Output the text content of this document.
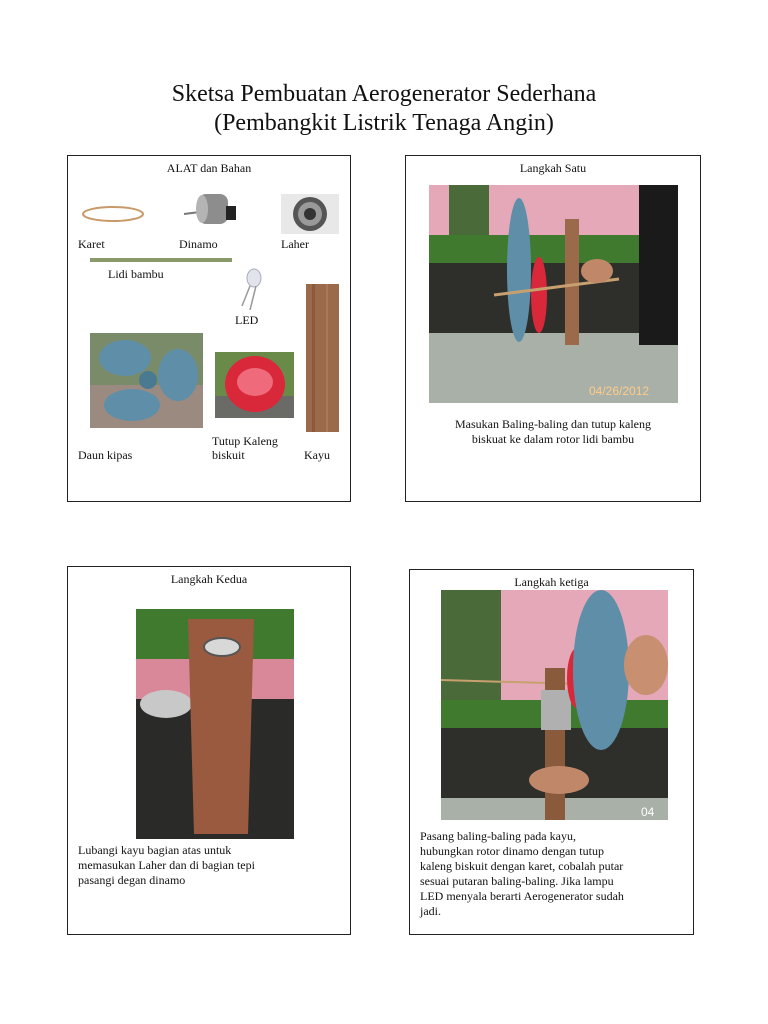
Sketsa Pembuatan Aerogenerator Sederhana
(Pembangkit Listrik Tenaga Angin)
ALAT dan Bahan
Karet	Dinamo	Laher
Lidi bambu
LED
Daun kipas
Tutup Kaleng
biskuit	Kayu
Langkah Satu
04/26/2012
Masukan Baling-baling dan tutup kaleng
biskuat ke dalam rotor lidi bambu
Langkah Kedua
Lubangi kayu bagian atas untuk
memasukan Laher dan di bagian tepi
pasangi degan dinamo
Langkah ketiga
04
Pasang baling-baling pada kayu,
hubungkan rotor dinamo dengan tutup
kaleng biskuit dengan karet, cobalah putar
sesuai putaran baling-baling. Jika lampu
LED menyala berarti Aerogenerator sudah
jadi.
